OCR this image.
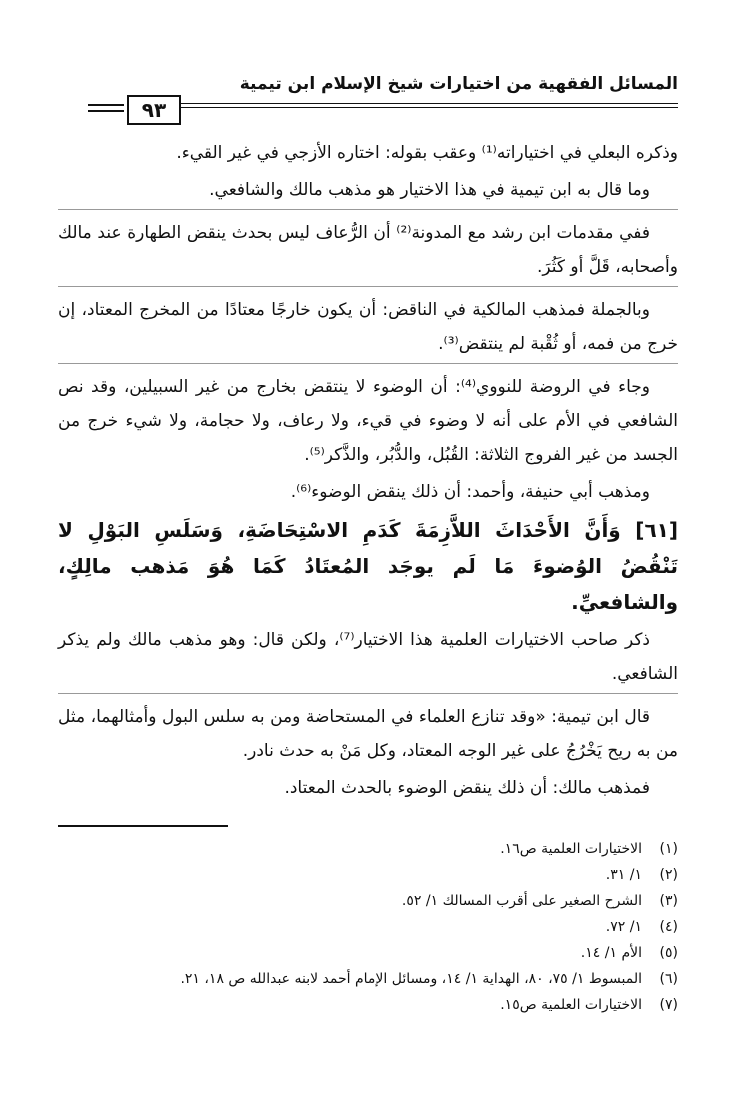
المسائل الفقهية من اختيارات شيخ الإسلام ابن تيمية
٩٣

وذكره البعلي في اختياراته⁽¹⁾ وعقب بقوله: اختاره الأزجي في غير القيء.

وما قال به ابن تيمية في هذا الاختيار هو مذهب مالك والشافعي.

ففي مقدمات ابن رشد مع المدونة⁽²⁾ أن الرُّعاف ليس بحدث ينقض الطهارة عند مالك وأصحابه، قَلَّ أو كَثُرَ.

وبالجملة فمذهب المالكية في الناقض: أن يكون خارجًا معتادًا من المخرج المعتاد، إن خرج من فمه، أو ثُقْبة لم ينتقض⁽³⁾.

وجاء في الروضة للنووي⁽⁴⁾: أن الوضوء لا ينتقض بخارج من غير السبيلين، وقد نص الشافعي في الأم على أنه لا وضوء في قيء، ولا رعاف، ولا حجامة، ولا شيء خرج من الجسد من غير الفروج الثلاثة: القُبُل، والدُّبُر، والذَّكر⁽⁵⁾.

ومذهب أبي حنيفة، وأحمد: أن ذلك ينقض الوضوء⁽⁶⁾.

[٦١] وَأَنَّ الأَحْدَاثَ اللاَّزِمَةَ كَدَمِ الاسْتِحَاضَةِ، وَسَلَسِ البَوْلِ لا تَنْقُضُ الوُضوءَ مَا لَم يوجَد المُعتَادُ كَمَا هُوَ مَذهب مالِكٍ، والشافعيِّ.

ذكر صاحب الاختيارات العلمية هذا الاختيار⁽⁷⁾، ولكن قال: وهو مذهب مالك ولم يذكر الشافعي.

قال ابن تيمية: «وقد تنازع العلماء في المستحاضة ومن به سلس البول وأمثالهما، مثل من به ريح يَخْرُجُ على غير الوجه المعتاد، وكل مَنْ به حدث نادر.

فمذهب مالك: أن ذلك ينقض الوضوء بالحدث المعتاد.

(١)
الاختيارات العلمية ص١٦.
(٢)
١/ ٣١.
(٣)
الشرح الصغير على أقرب المسالك ١/ ٥٢.
(٤)
١/ ٧٢.
(٥)
الأم ١/ ١٤.
(٦)
المبسوط ١/ ٧٥، ٨٠، الهداية ١/ ١٤، ومسائل الإمام أحمد لابنه عبدالله ص ١٨، ٢١.
(٧)
الاختيارات العلمية ص١٥.
